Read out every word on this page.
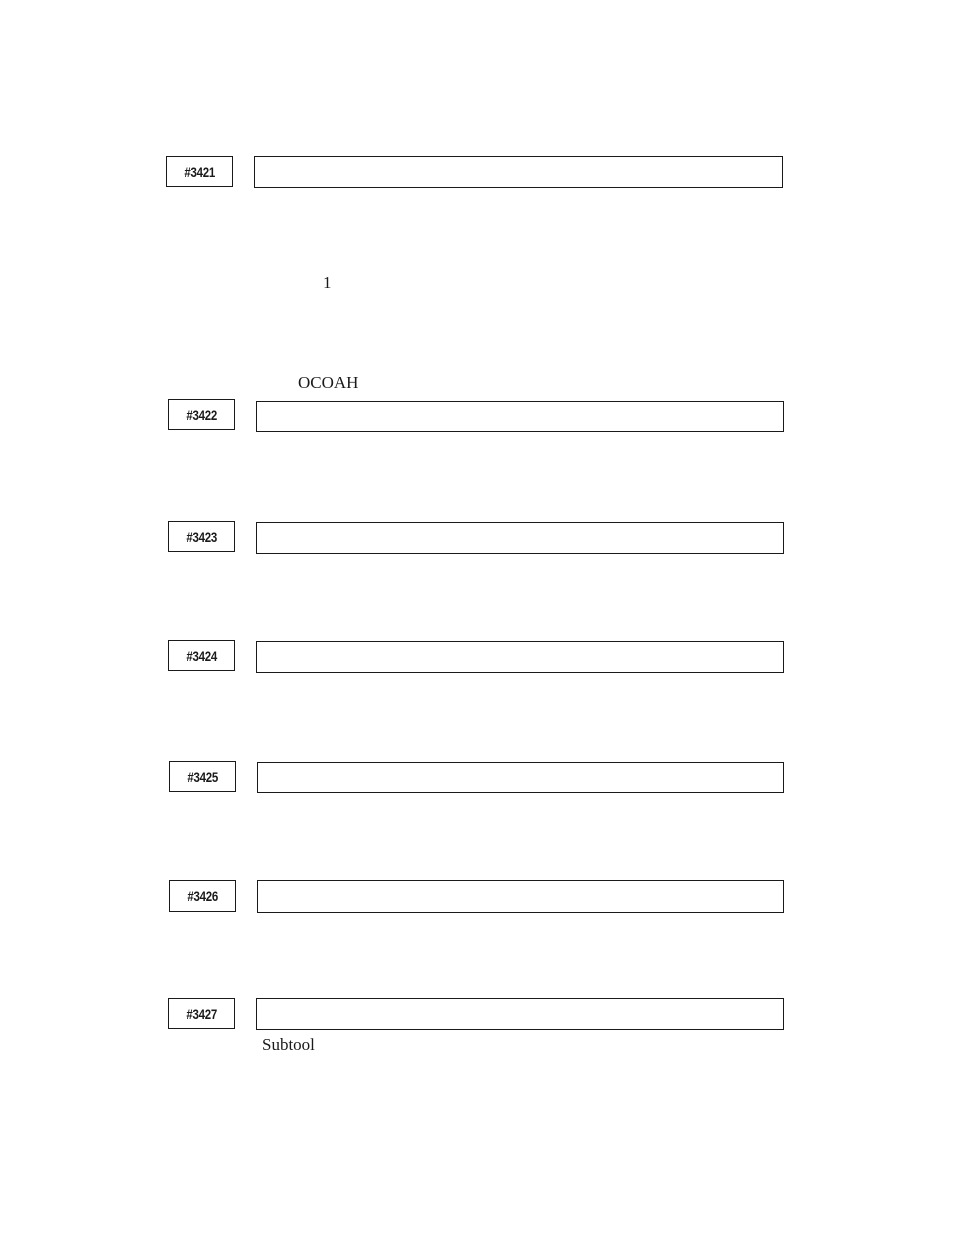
#3421
1
OCOAH
#3422
#3423
#3424
#3425
#3426
#3427
Subtool
